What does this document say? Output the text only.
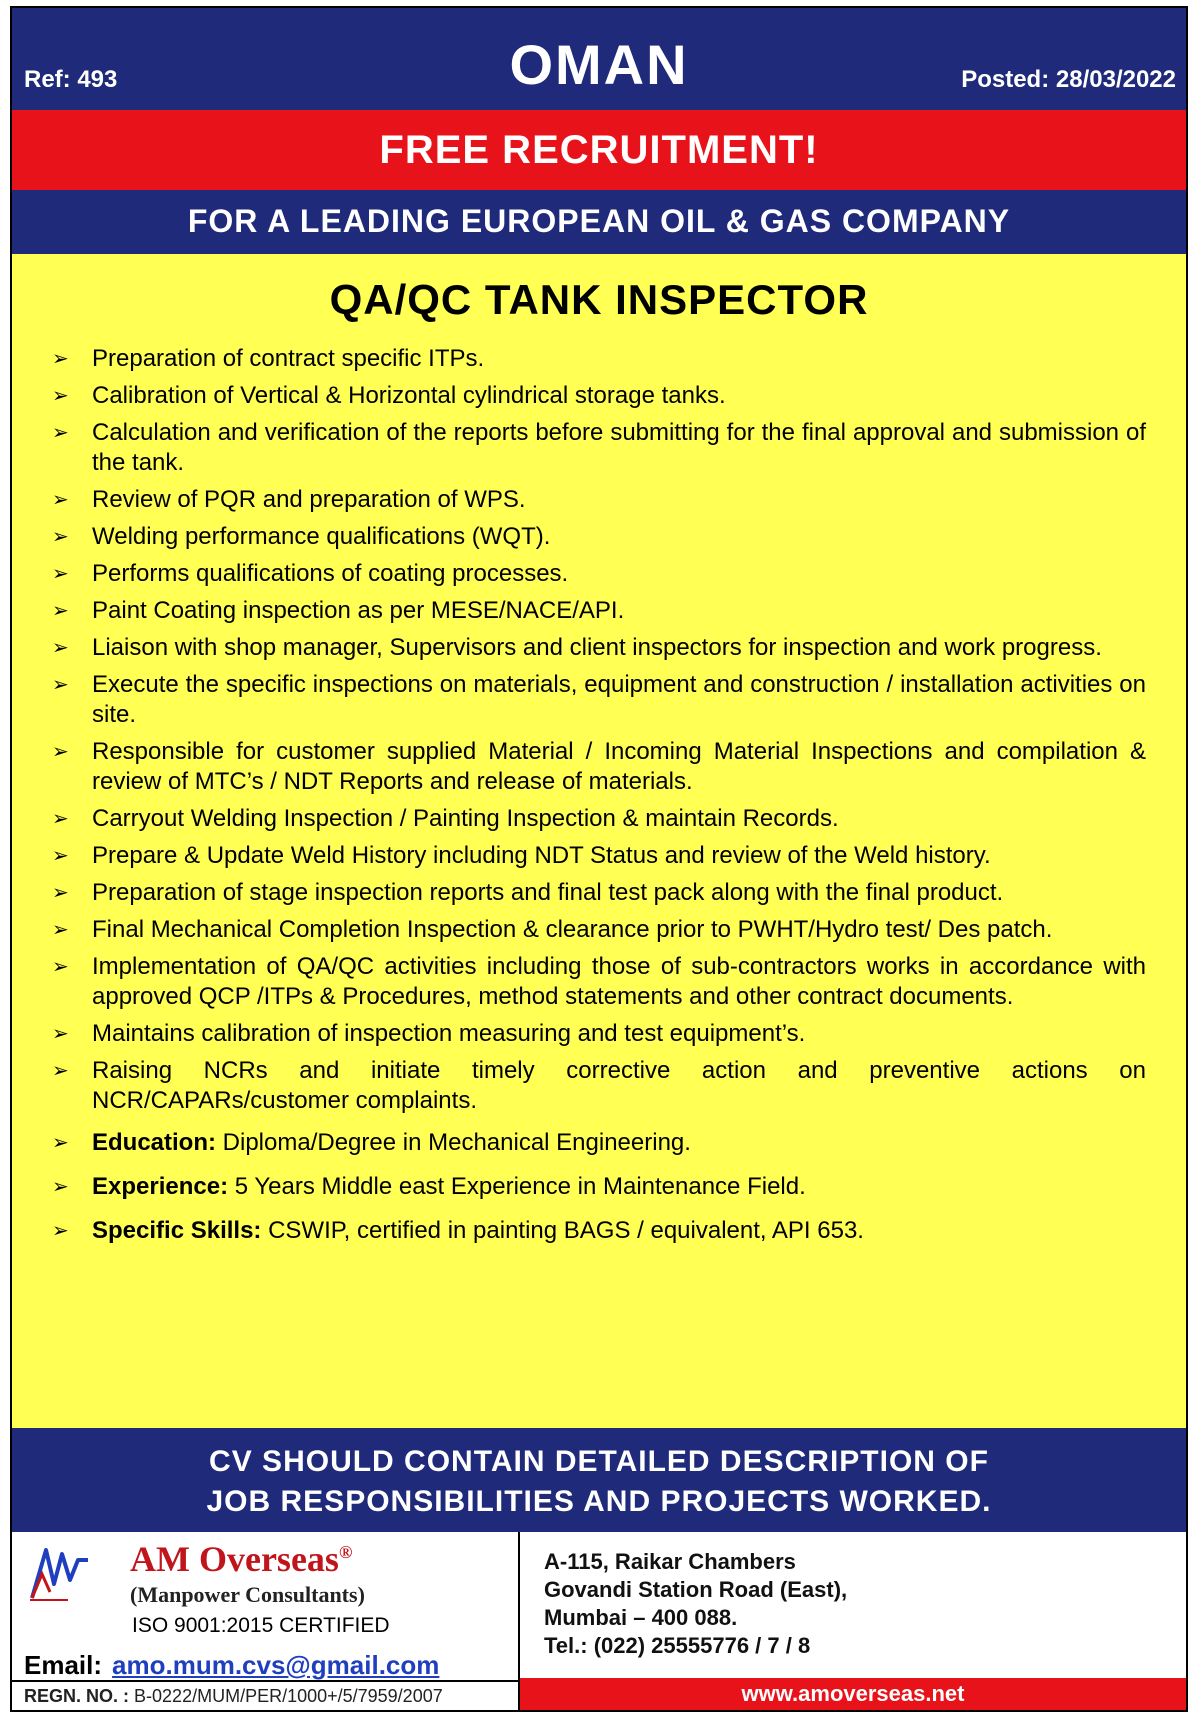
Ref: 493	OMAN	Posted: 28/03/2022
FREE RECRUITMENT!
FOR A LEADING EUROPEAN OIL & GAS COMPANY
QA/QC TANK INSPECTOR
➢ Preparation of contract specific ITPs.
➢ Calibration of Vertical & Horizontal cylindrical storage tanks.
➢ Calculation and verification of the reports before submitting for the final approval and submission of the tank.
➢ Review of PQR and preparation of WPS.
➢ Welding performance qualifications (WQT).
➢ Performs qualifications of coating processes.
➢ Paint Coating inspection as per MESE/NACE/API.
➢ Liaison with shop manager, Supervisors and client inspectors for inspection and work progress.
➢ Execute the specific inspections on materials, equipment and construction / installation activities on site.
➢ Responsible for customer supplied Material / Incoming Material Inspections and compilation & review of MTC’s / NDT Reports and release of materials.
➢ Carryout Welding Inspection / Painting Inspection & maintain Records.
➢ Prepare & Update Weld History including NDT Status and review of the Weld history.
➢ Preparation of stage inspection reports and final test pack along with the final product.
➢ Final Mechanical Completion Inspection & clearance prior to PWHT/Hydro test/ Des patch.
➢ Implementation of QA/QC activities including those of sub-contractors works in accordance with approved QCP /ITPs & Procedures, method statements and other contract documents.
➢ Maintains calibration of inspection measuring and test equipment’s.
➢ Raising NCRs and initiate timely corrective action and preventive actions on NCR/CAPARs/customer complaints.
➢ Education: Diploma/Degree in Mechanical Engineering.
➢ Experience: 5 Years Middle east Experience in Maintenance Field.
➢ Specific Skills: CSWIP, certified in painting BAGS / equivalent, API 653.
CV SHOULD CONTAIN DETAILED DESCRIPTION OF
JOB RESPONSIBILITIES AND PROJECTS WORKED.
AM Overseas®
(Manpower Consultants)
ISO 9001:2015 CERTIFIED
Email: amo.mum.cvs@gmail.com
REGN. NO. : B-0222/MUM/PER/1000+/5/7959/2007
A-115, Raikar Chambers
Govandi Station Road (East),
Mumbai – 400 088.
Tel.: (022) 25555776 / 7 / 8
www.amoverseas.net
